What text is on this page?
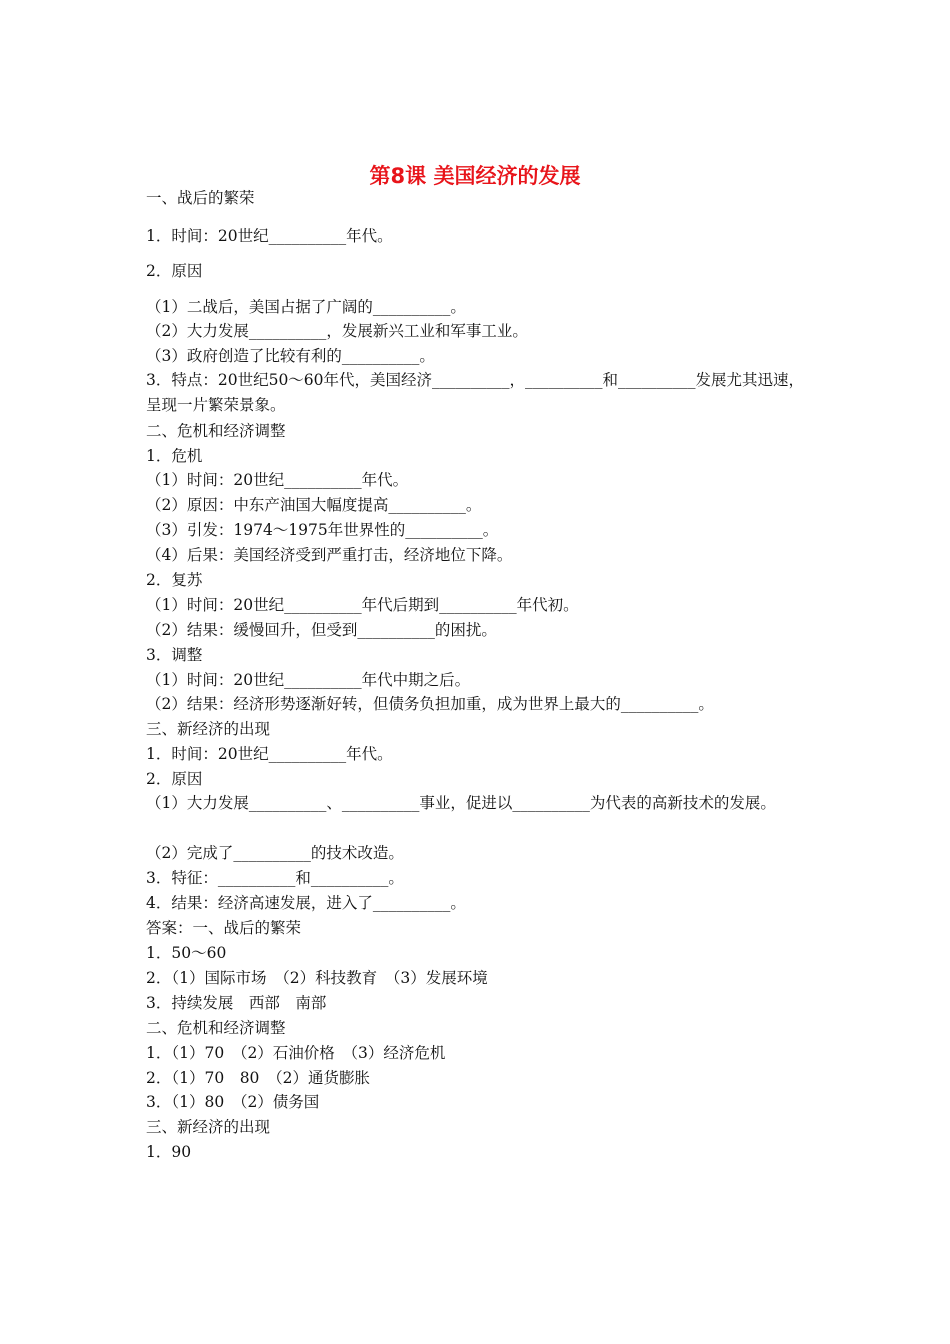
第8课 美国经济的发展
一、战后的繁荣
1．时间：20世纪__________年代。
2．原因
（1）二战后，美国占据了广阔的__________。
（2）大力发展__________，发展新兴工业和军事工业。
（3）政府创造了比较有利的__________。
3．特点：20世纪50～60年代，美国经济__________，__________和__________发展尤其迅速，呈现一片繁荣景象。
二、危机和经济调整
1．危机
（1）时间：20世纪__________年代。
（2）原因：中东产油国大幅度提高__________。
（3）引发：1974～1975年世界性的__________。
（4）后果：美国经济受到严重打击，经济地位下降。
2．复苏
（1）时间：20世纪__________年代后期到__________年代初。
（2）结果：缓慢回升，但受到__________的困扰。
3．调整
（1）时间：20世纪__________年代中期之后。
（2）结果：经济形势逐渐好转，但债务负担加重，成为世界上最大的__________。
三、新经济的出现
1．时间：20世纪__________年代。
2．原因
（1）大力发展__________、__________事业，促进以__________为代表的高新技术的发展。
（2）完成了__________的技术改造。
3．特征：__________和__________。
4．结果：经济高速发展，进入了__________。
答案：一、战后的繁荣
1．50～60
2．（1）国际市场　（2）科技教育　（3）发展环境
3．持续发展　西部　南部
二、危机和经济调整
1．（1）70　（2）石油价格　（3）经济危机
2．（1）70　80　（2）通货膨胀
3．（1）80　（2）债务国
三、新经济的出现
1．90
